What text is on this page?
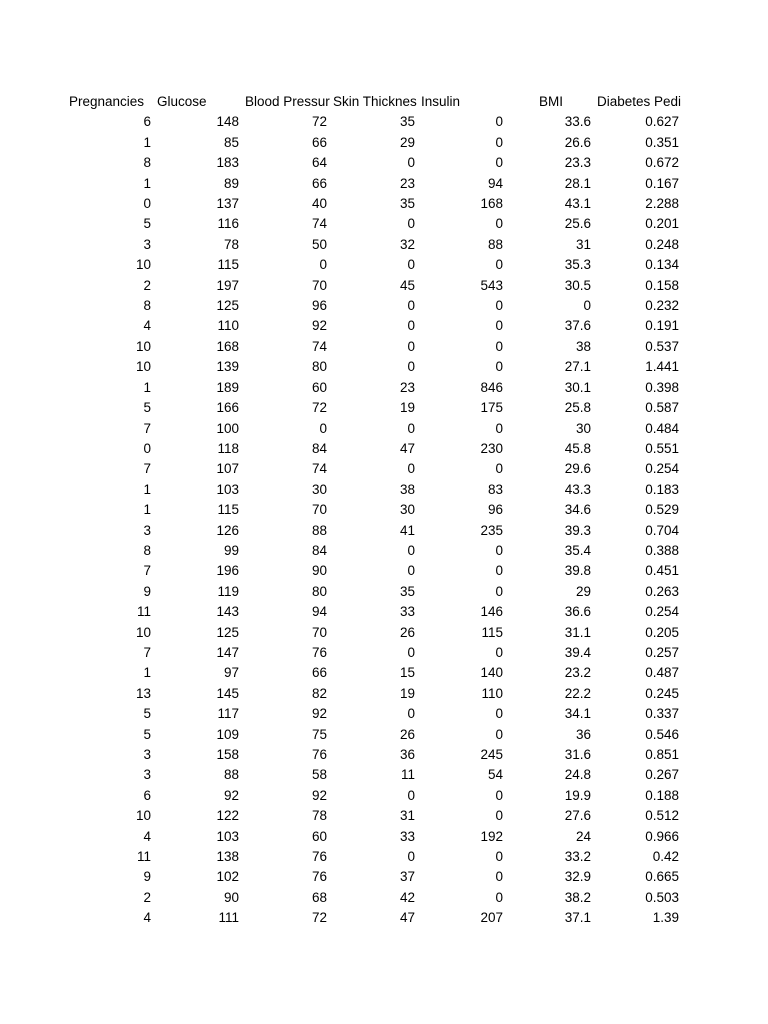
Pregnancies	Glucose	Blood Pressur	Skin Thicknes	Insulin	BMI	Diabetes Pedi
6	148	72	35	0	33.6	0.627
1	85	66	29	0	26.6	0.351
8	183	64	0	0	23.3	0.672
1	89	66	23	94	28.1	0.167
0	137	40	35	168	43.1	2.288
5	116	74	0	0	25.6	0.201
3	78	50	32	88	31	0.248
10	115	0	0	0	35.3	0.134
2	197	70	45	543	30.5	0.158
8	125	96	0	0	0	0.232
4	110	92	0	0	37.6	0.191
10	168	74	0	0	38	0.537
10	139	80	0	0	27.1	1.441
1	189	60	23	846	30.1	0.398
5	166	72	19	175	25.8	0.587
7	100	0	0	0	30	0.484
0	118	84	47	230	45.8	0.551
7	107	74	0	0	29.6	0.254
1	103	30	38	83	43.3	0.183
1	115	70	30	96	34.6	0.529
3	126	88	41	235	39.3	0.704
8	99	84	0	0	35.4	0.388
7	196	90	0	0	39.8	0.451
9	119	80	35	0	29	0.263
11	143	94	33	146	36.6	0.254
10	125	70	26	115	31.1	0.205
7	147	76	0	0	39.4	0.257
1	97	66	15	140	23.2	0.487
13	145	82	19	110	22.2	0.245
5	117	92	0	0	34.1	0.337
5	109	75	26	0	36	0.546
3	158	76	36	245	31.6	0.851
3	88	58	11	54	24.8	0.267
6	92	92	0	0	19.9	0.188
10	122	78	31	0	27.6	0.512
4	103	60	33	192	24	0.966
11	138	76	0	0	33.2	0.42
9	102	76	37	0	32.9	0.665
2	90	68	42	0	38.2	0.503
4	111	72	47	207	37.1	1.39
